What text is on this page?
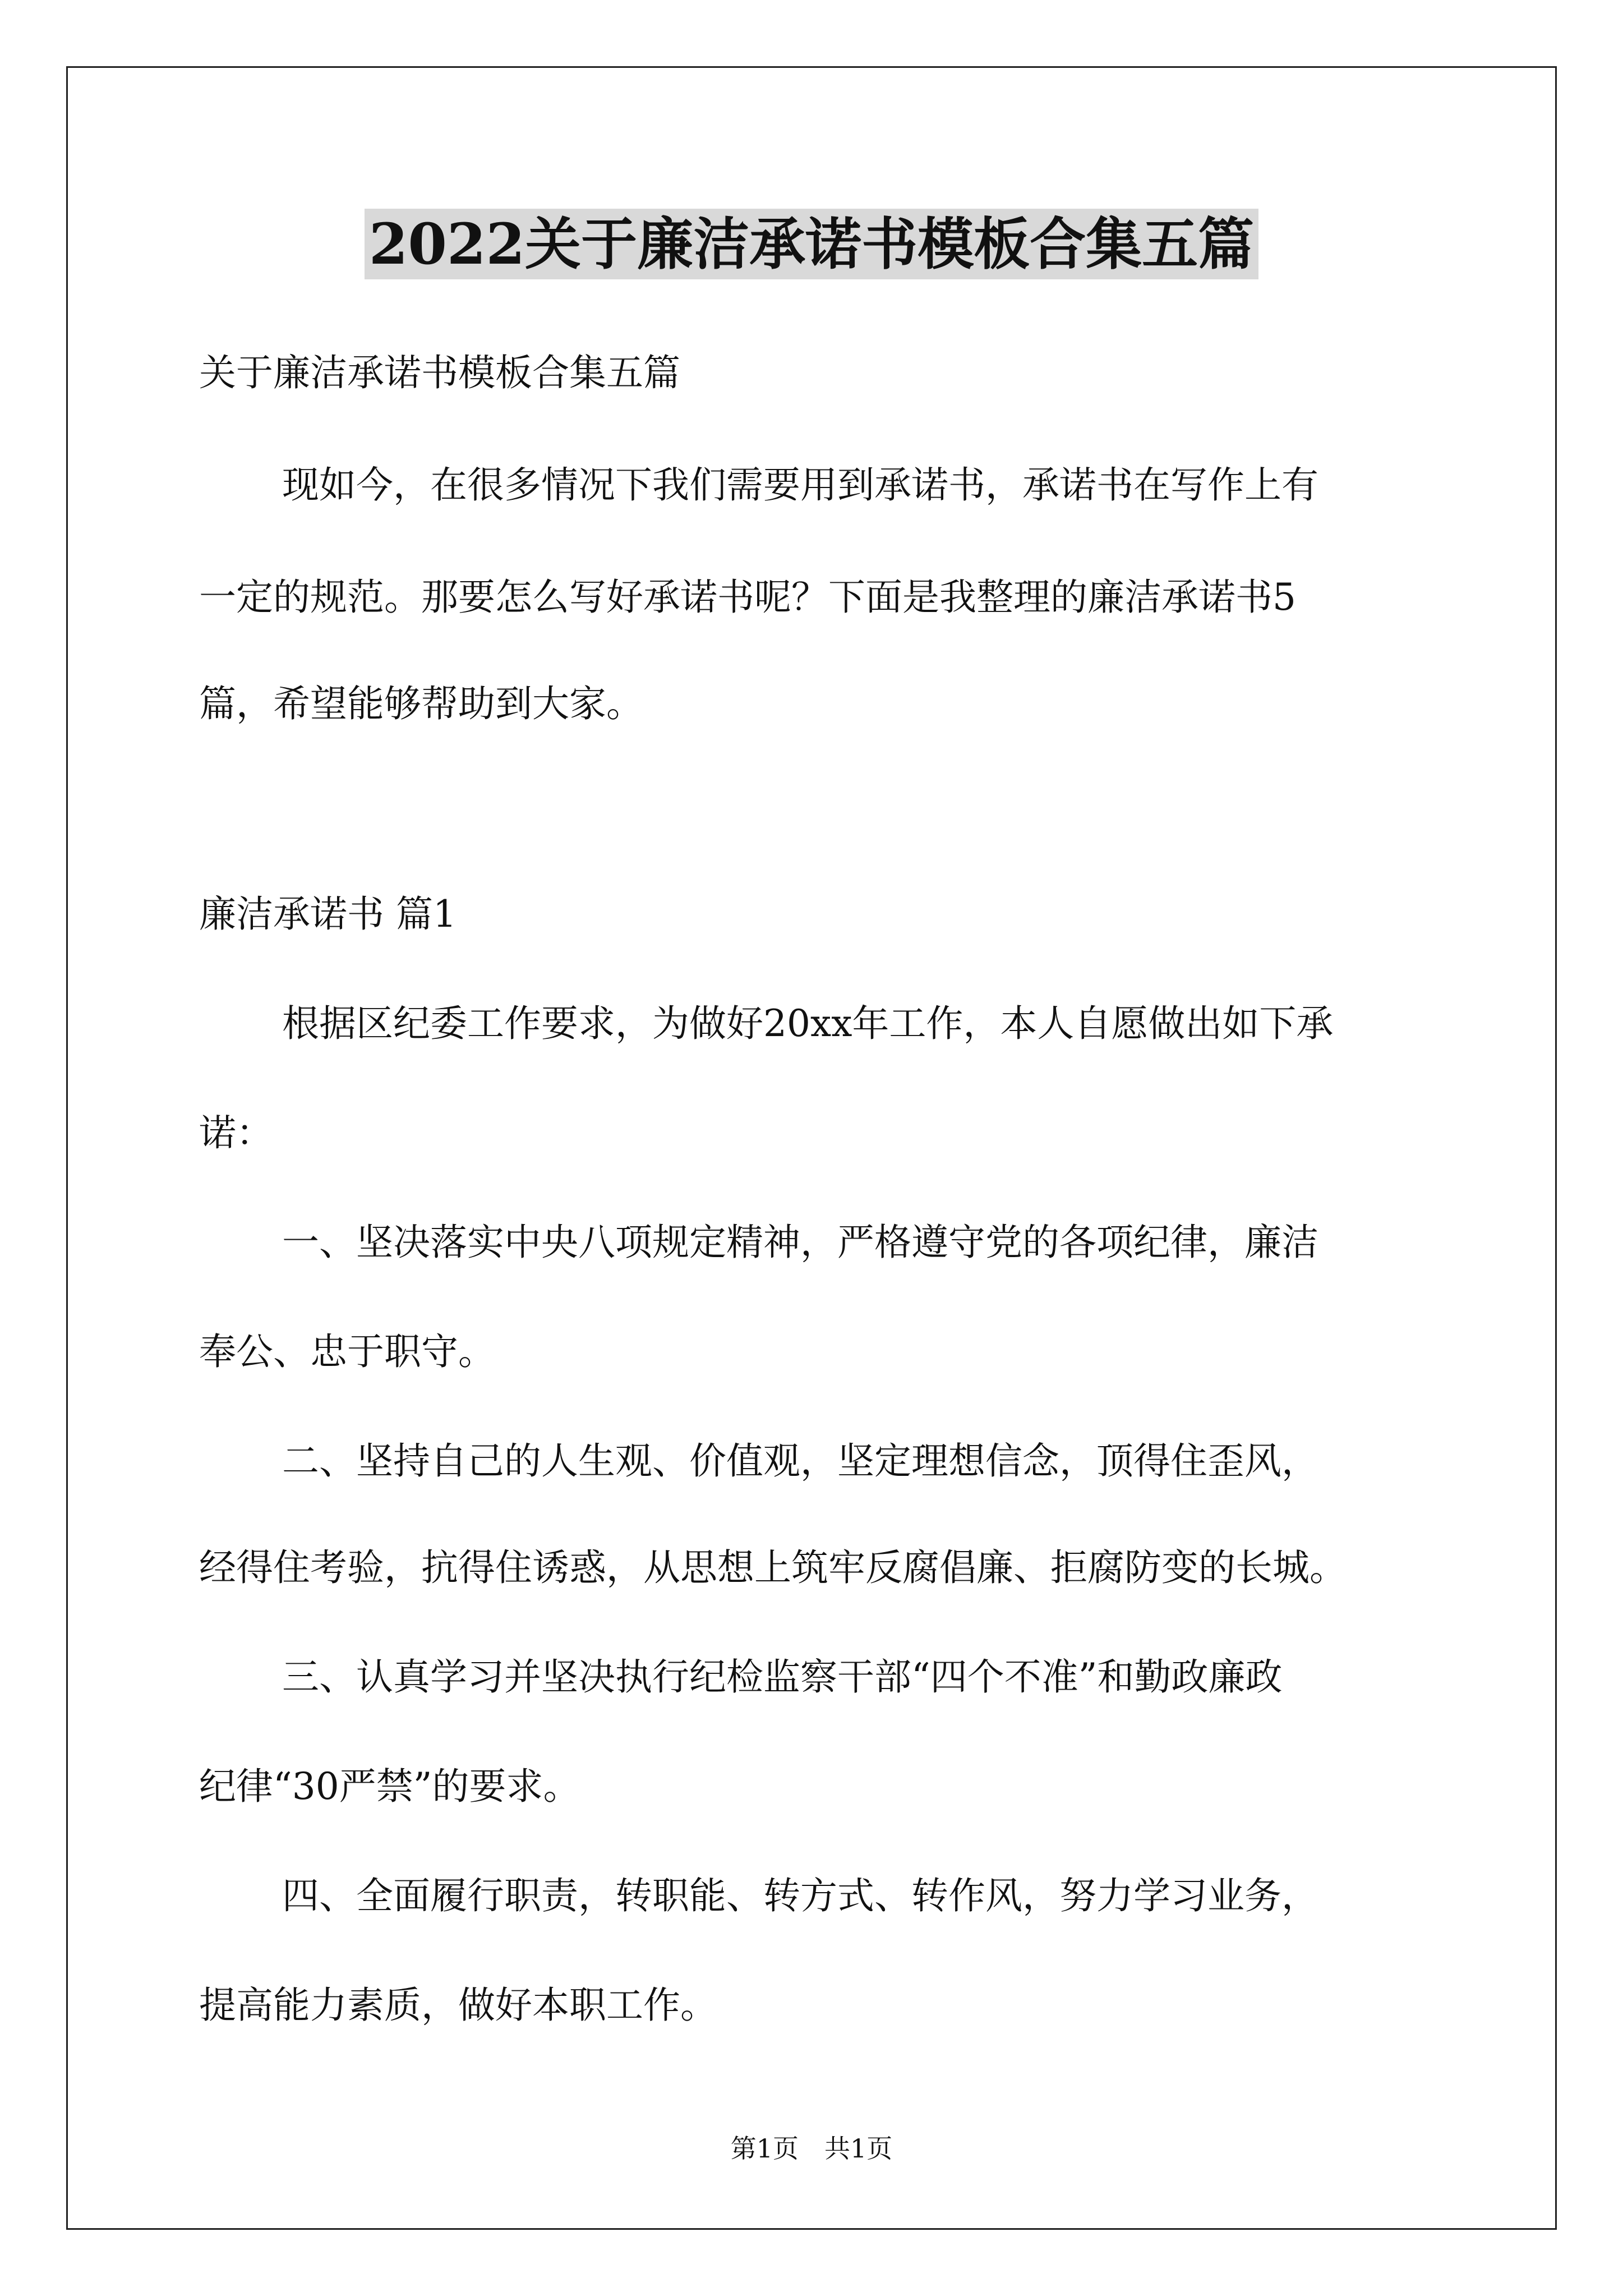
2022关于廉洁承诺书模板合集五篇

关于廉洁承诺书模板合集五篇

现如今，在很多情况下我们需要用到承诺书，承诺书在写作上有

一定的规范。那要怎么写好承诺书呢？下面是我整理的廉洁承诺书5

篇，希望能够帮助到大家。

廉洁承诺书 篇1

根据区纪委工作要求，为做好20xx年工作，本人自愿做出如下承

诺：

一、坚决落实中央八项规定精神，严格遵守党的各项纪律，廉洁

奉公、忠于职守。

二、坚持自己的人生观、价值观，坚定理想信念，顶得住歪风，

经得住考验，抗得住诱惑，从思想上筑牢反腐倡廉、拒腐防变的长城。

三、认真学习并坚决执行纪检监察干部“四个不准”和勤政廉政

纪律“30严禁”的要求。

四、全面履行职责，转职能、转方式、转作风，努力学习业务，

提高能力素质，做好本职工作。

第1页　共1页
